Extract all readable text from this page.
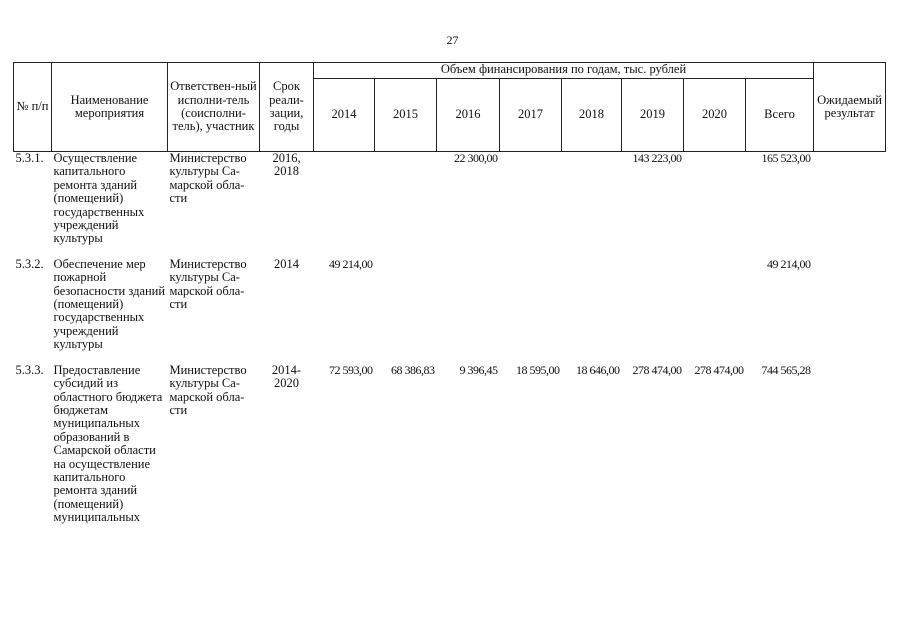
27
№ п/п	Наименование мероприятия	Ответствен-ный исполни-тель (соисполни-тель), участник	Срок реали-зации, годы	Объем финансирования по годам, тыс. рублей								Ожидаемый результат
				2014	2015	2016	2017	2018	2019	2020	Всего	
5.3.1.	Осуществление капитального ремонта зданий (помещений) государственных учреждений культуры	Министерство культуры Са-марской обла-сти	2016, 2018			22 300,00			143 223,00		165 523,00	

5.3.2.	Обеспечение мер пожарной безопасности зданий (помещений) государственных учреждений культуры	Министерство культуры Са-марской обла-сти	2014	49 214,00							49 214,00	

5.3.3.	Предоставление субсидий из областного бюджета бюджетам муниципальных образований в Самарской области на осуществление капитального ремонта зданий (помещений) муниципальных	Министерство культуры Са-марской обла-сти	2014-2020	72 593,00	68 386,83	9 396,45	18 595,00	18 646,00	278 474,00	278 474,00	744 565,28	
